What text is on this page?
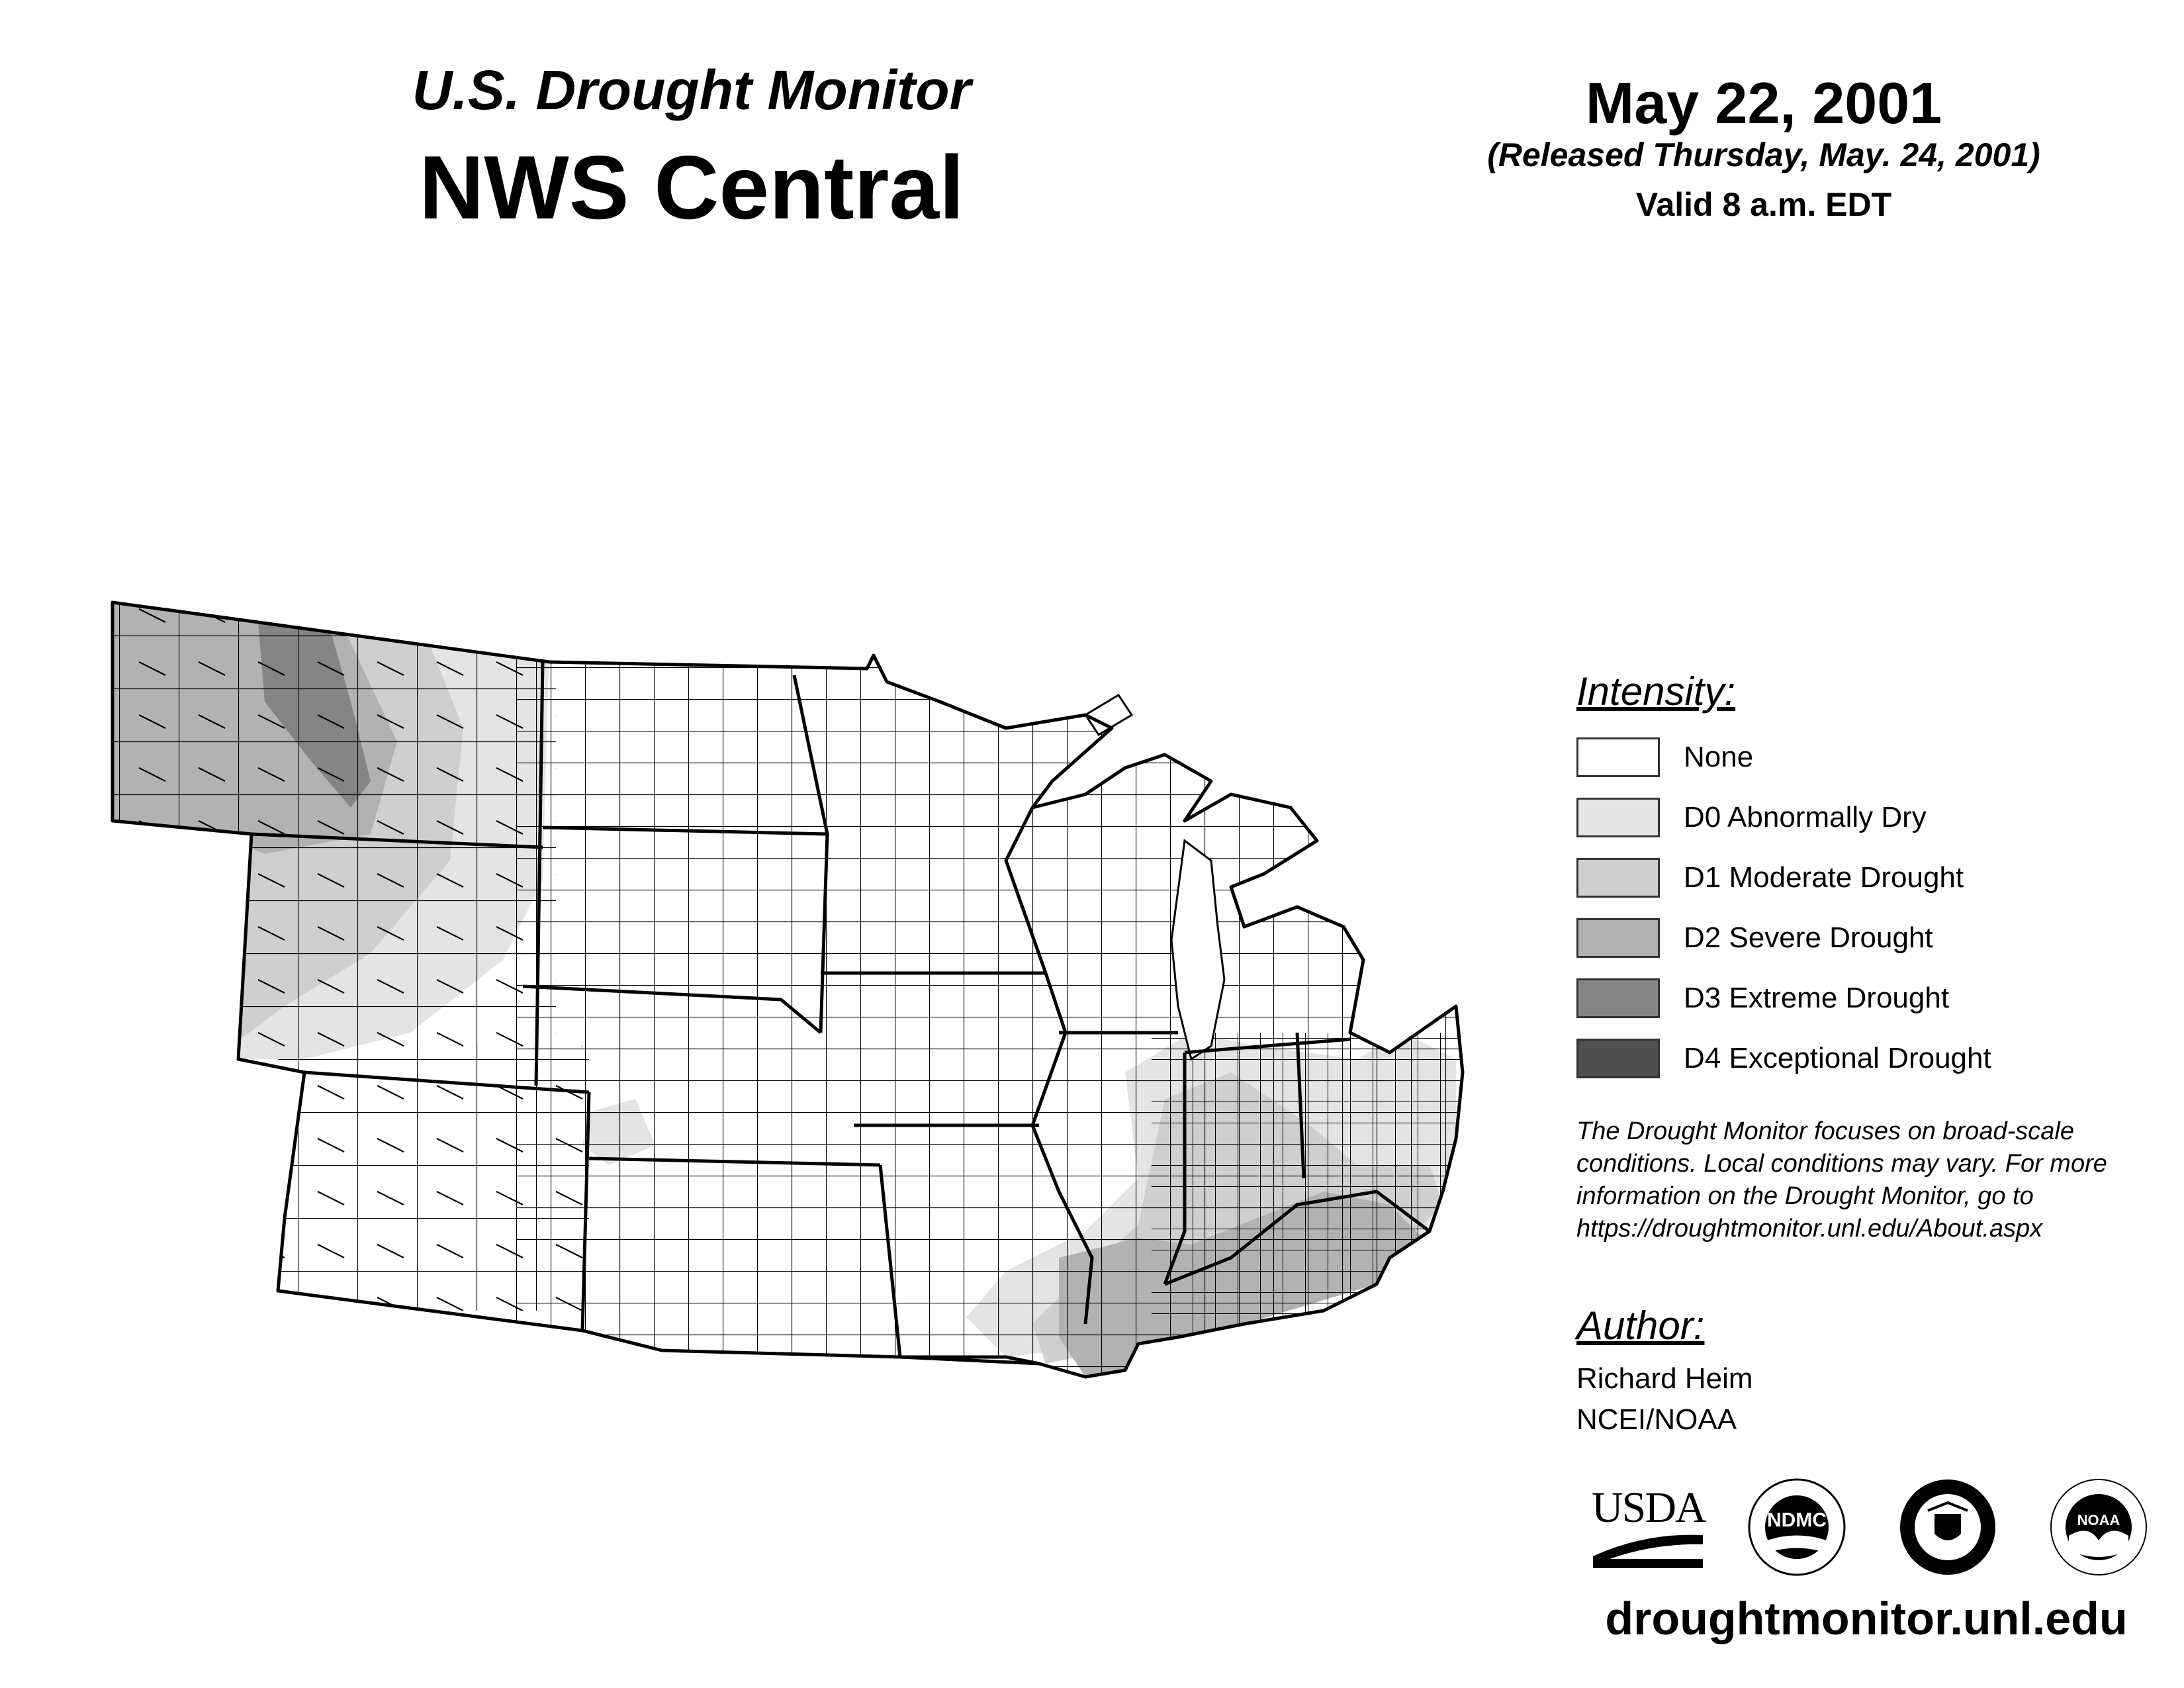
U.S. Drought Monitor
NWS Central
May 22, 2001
(Released Thursday, May. 24, 2001)
Valid 8 a.m. EDT
Intensity:
None
D0 Abnormally Dry
D1 Moderate Drought
D2 Severe Drought
D3 Extreme Drought
D4 Exceptional Drought
The Drought Monitor focuses on broad-scale conditions. Local conditions may vary. For more information on the Drought Monitor, go to https://droughtmonitor.unl.edu/About.aspx
Author:
Richard Heim
NCEI/NOAA
USDA	NDMC	NOAA
droughtmonitor.unl.edu
